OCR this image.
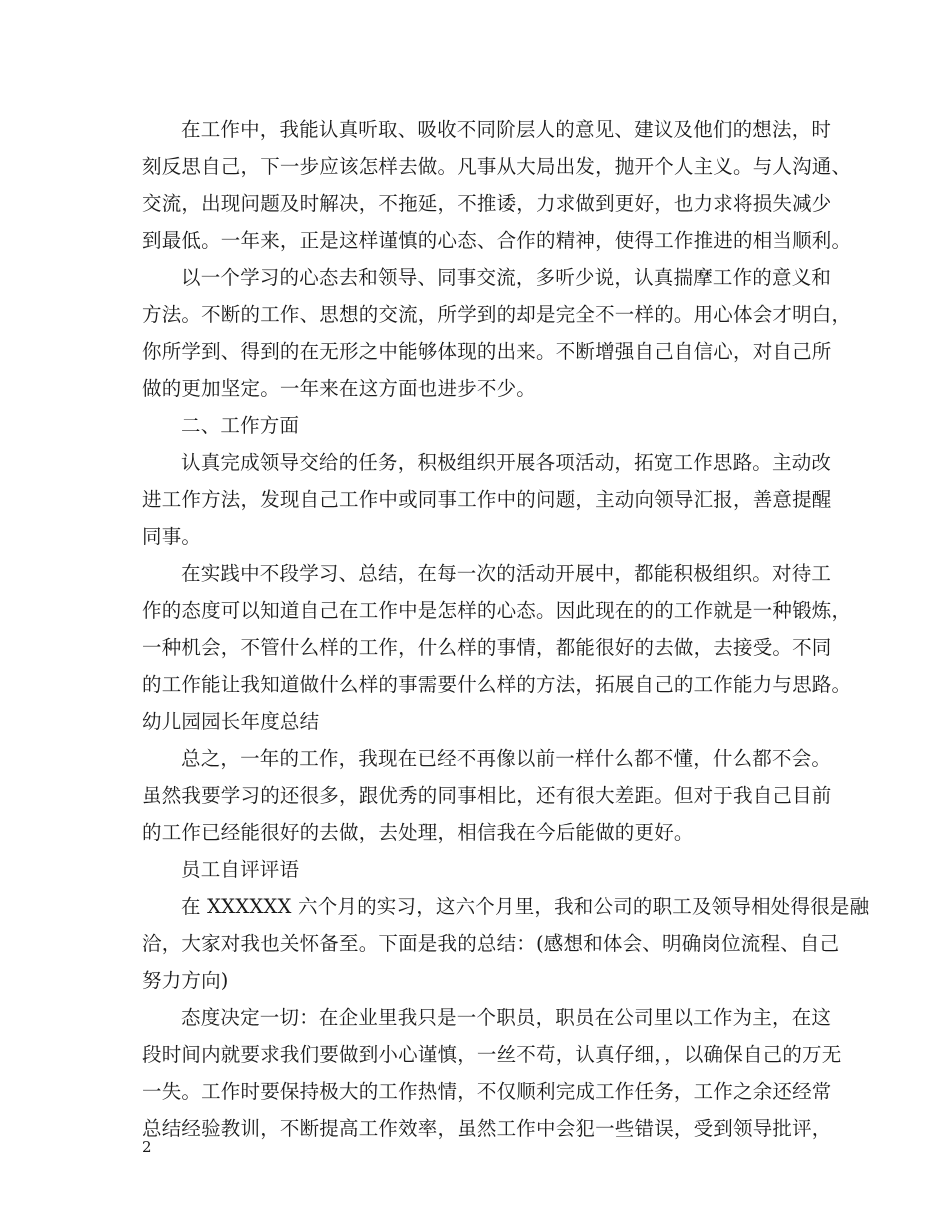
在工作中，我能认真听取、吸收不同阶层人的意见、建议及他们的想法，时
刻反思自己，下一步应该怎样去做。凡事从大局出发，抛开个人主义。与人沟通、
交流，出现问题及时解决，不拖延，不推诿，力求做到更好，也力求将损失减少
到最低。一年来，正是这样谨慎的心态、合作的精神，使得工作推进的相当顺利。
以一个学习的心态去和领导、同事交流，多听少说，认真揣摩工作的意义和
方法。不断的工作、思想的交流，所学到的却是完全不一样的。用心体会才明白，
你所学到、得到的在无形之中能够体现的出来。不断增强自己自信心，对自己所
做的更加坚定。一年来在这方面也进步不少。
二、工作方面
认真完成领导交给的任务，积极组织开展各项活动，拓宽工作思路。主动改
进工作方法，发现自己工作中或同事工作中的问题，主动向领导汇报，善意提醒
同事。
在实践中不段学习、总结，在每一次的活动开展中，都能积极组织。对待工
作的态度可以知道自己在工作中是怎样的心态。因此现在的的工作就是一种锻炼，
一种机会，不管什么样的工作，什么样的事情，都能很好的去做，去接受。不同
的工作能让我知道做什么样的事需要什么样的方法，拓展自己的工作能力与思路。
幼儿园园长年度总结
总之，一年的工作，我现在已经不再像以前一样什么都不懂，什么都不会。
虽然我要学习的还很多，跟优秀的同事相比，还有很大差距。但对于我自己目前
的工作已经能很好的去做，去处理，相信我在今后能做的更好。
员工自评评语
在 XXXXXX 六个月的实习，这六个月里，我和公司的职工及领导相处得很是融
洽，大家对我也关怀备至。下面是我的总结：(感想和体会、明确岗位流程、自己
努力方向)
态度决定一切：在企业里我只是一个职员，职员在公司里以工作为主，在这
段时间内就要求我们要做到小心谨慎，一丝不苟，认真仔细，，以确保自己的万无
一失。工作时要保持极大的工作热情，不仅顺利完成工作任务，工作之余还经常
总结经验教训，不断提高工作效率，虽然工作中会犯一些错误，受到领导批评，
2
